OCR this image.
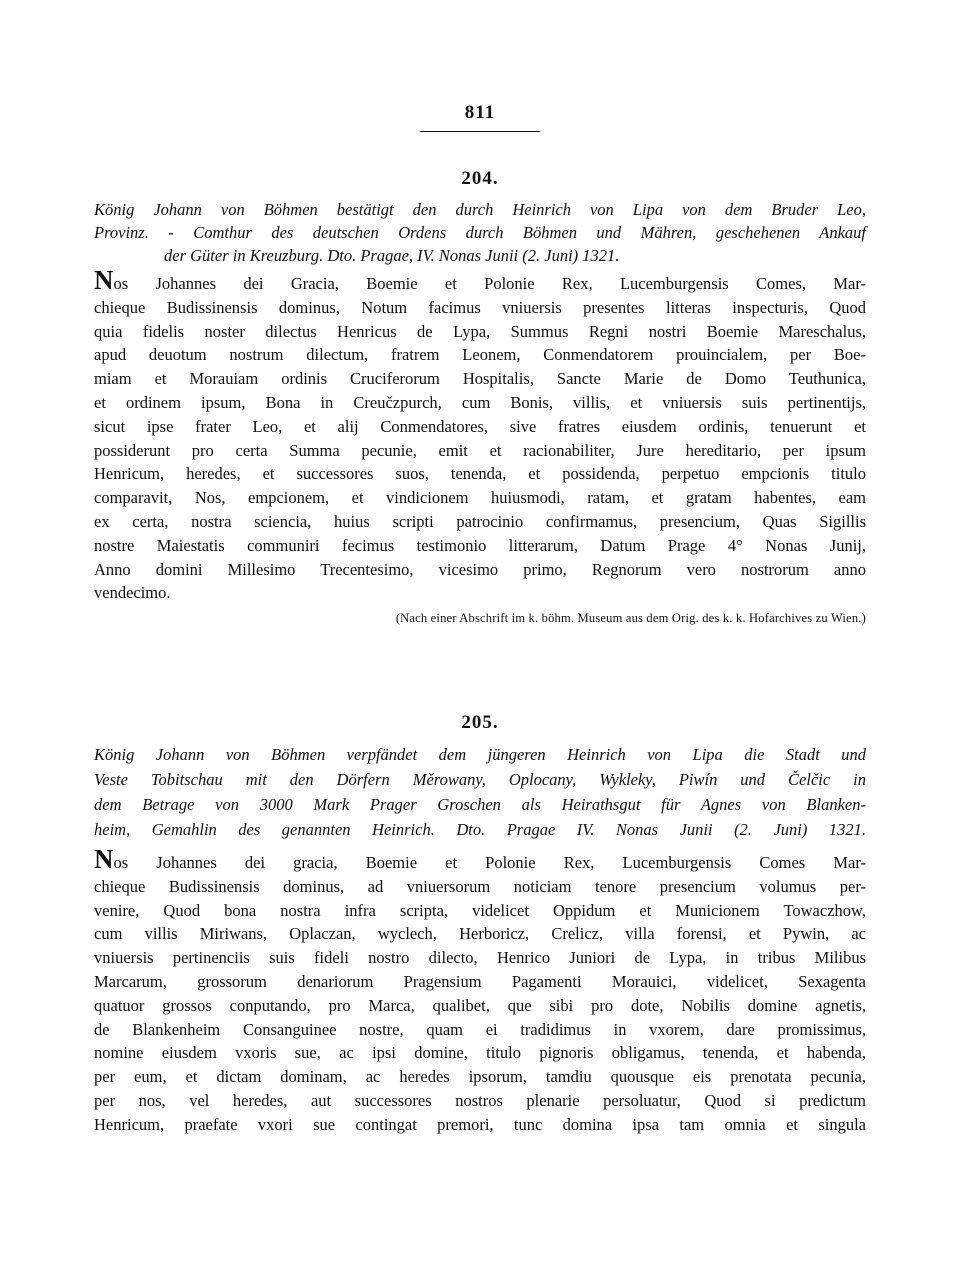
811
204.
König Johann von Böhmen bestätigt den durch Heinrich von Lipa von dem Bruder Leo,
Provinz. - Comthur des deutschen Ordens durch Böhmen und Mähren, geschehenen Ankauf
der Güter in Kreuzburg. Dto. Pragae, IV. Nonas Junii (2. Juni) 1321.
Nos Johannes dei Gracia, Boemie et Polonie Rex, Lucemburgensis Comes, Mar-
chieque Budissinensis dominus, Notum facimus vniuersis presentes litteras inspecturis, Quod
quia fidelis noster dilectus Henricus de Lypa, Summus Regni nostri Boemie Mareschalus,
apud deuotum nostrum dilectum, fratrem Leonem, Conmendatorem prouincialem, per Boe-
miam et Morauiam ordinis Cruciferorum Hospitalis, Sancte Marie de Domo Teuthunica,
et ordinem ipsum, Bona in Creučzpurch, cum Bonis, villis, et vniuersis suis pertinentijs,
sicut ipse frater Leo, et alij Conmendatores, sive fratres eiusdem ordinis, tenuerunt et
possiderunt pro certa Summa pecunie, emit et racionabiliter, Jure hereditario, per ipsum
Henricum, heredes, et successores suos, tenenda, et possidenda, perpetuo empcionis titulo
comparavit, Nos, empcionem, et vindicionem huiusmodi, ratam, et gratam habentes, eam
ex certa, nostra sciencia, huius scripti patrocinio confirmamus, presencium, Quas Sigillis
nostre Maiestatis communiri fecimus testimonio litterarum, Datum Prage 4° Nonas Junij,
Anno domini Millesimo Trecentesimo, vicesimo primo, Regnorum vero nostrorum anno
vendecimo.
(Nach einer Abschrift im k. böhm. Museum aus dem Orig. des k. k. Hofarchives zu Wien.)
205.
König Johann von Böhmen verpfändet dem jüngeren Heinrich von Lipa die Stadt und
Veste Tobitschau mit den Dörfern Měrowany, Oplocany, Wykleky, Piwín und Čelčic in
dem Betrage von 3000 Mark Prager Groschen als Heirathsgut für Agnes von Blanken-
heim, Gemahlin des genannten Heinrich. Dto. Pragae IV. Nonas Junii (2. Juni) 1321.
Nos Johannes dei gracia, Boemie et Polonie Rex, Lucemburgensis Comes Mar-
chieque Budissinensis dominus, ad vniuersorum noticiam tenore presencium volumus per-
venire, Quod bona nostra infra scripta, videlicet Oppidum et Municionem Towaczhow,
cum villis Miriwans, Oplaczan, wyclech, Herboricz, Crelicz, villa forensi, et Pywin, ac
vniuersis pertinenciis suis fideli nostro dilecto, Henrico Juniori de Lypa, in tribus Milibus
Marcarum, grossorum denariorum Pragensium Pagamenti Morauici, videlicet, Sexagenta
quatuor grossos conputando, pro Marca, qualibet, que sibi pro dote, Nobilis domine agnetis,
de Blankenheim Consanguinee nostre, quam ei tradidimus in vxorem, dare promissimus,
nomine eiusdem vxoris sue, ac ipsi domine, titulo pignoris obligamus, tenenda, et habenda,
per eum, et dictam dominam, ac heredes ipsorum, tamdiu quousque eis prenotata pecunia,
per nos, vel heredes, aut successores nostros plenarie persoluatur, Quod si predictum
Henricum, praefate vxori sue contingat premori, tunc domina ipsa tam omnia et singula
